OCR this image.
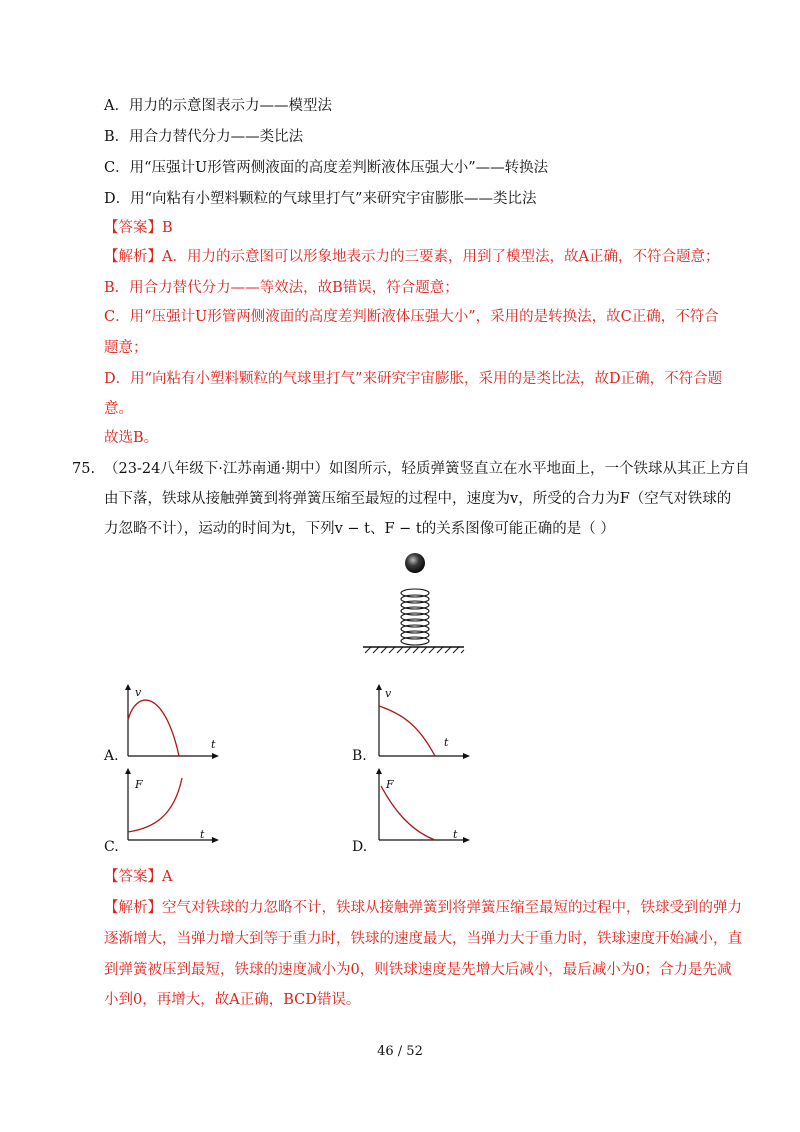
A．用力的示意图表示力——模型法
B．用合力替代分力——类比法
C．用“压强计U形管两侧液面的高度差判断液体压强大小”——转换法
D．用“向粘有小塑料颗粒的气球里打气”来研究宇宙膨胀——类比法
【答案】B
【解析】A．用力的示意图可以形象地表示力的三要素，用到了模型法，故A正确，不符合题意；
B．用合力替代分力——等效法，故B错误，符合题意；
C．用“压强计U形管两侧液面的高度差判断液体压强大小”，采用的是转换法，故C正确，不符合
题意；
D．用“向粘有小塑料颗粒的气球里打气”来研究宇宙膨胀，采用的是类比法，故D正确，不符合题
意。
故选B。
75. （23-24八年级下·江苏南通·期中）如图所示，轻质弹簧竖直立在水平地面上，一个铁球从其正上方自
由下落，铁球从接触弹簧到将弹簧压缩至最短的过程中，速度为v，所受的合力为F（空气对铁球的
力忽略不计），运动的时间为t，下列v − t、F − t的关系图像可能正确的是（ ）
A.
v
t
B.
v
t
C.
F
t
D.
F
t
【答案】A
【解析】空气对铁球的力忽略不计，铁球从接触弹簧到将弹簧压缩至最短的过程中，铁球受到的弹力
逐渐增大，当弹力增大到等于重力时，铁球的速度最大，当弹力大于重力时，铁球速度开始减小，直
到弹簧被压到最短，铁球的速度减小为0，则铁球速度是先增大后减小，最后减小为0；合力是先减
小到0，再增大，故A正确，BCD错误。
46 / 52
